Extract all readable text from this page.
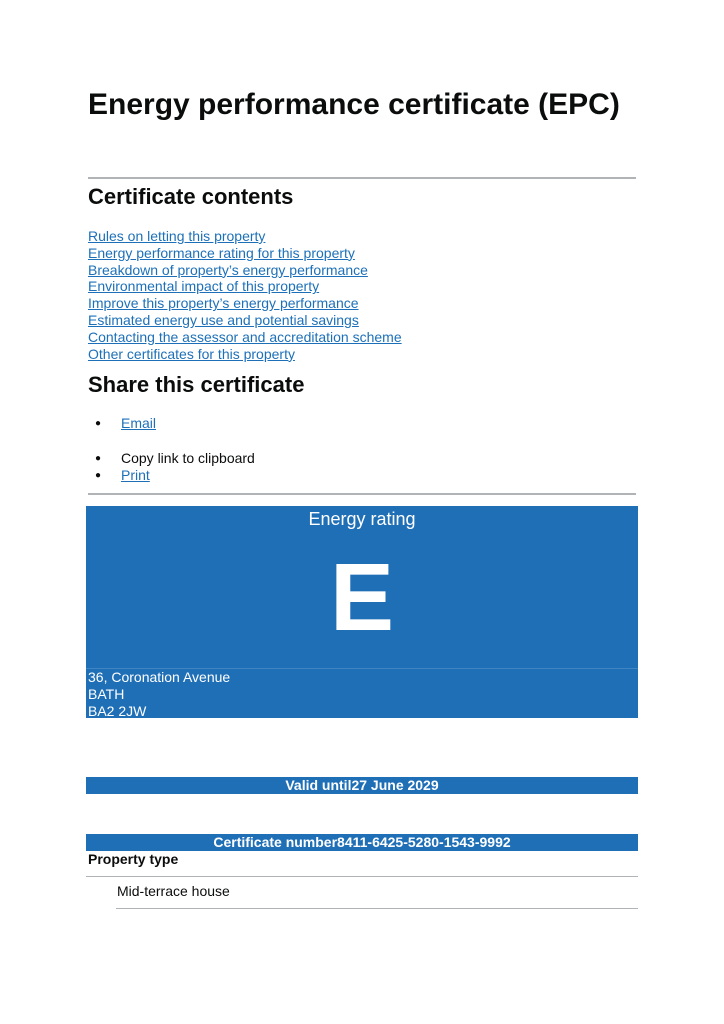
Energy performance certificate (EPC)
Certificate contents
Rules on letting this property
Energy performance rating for this property
Breakdown of property’s energy performance
Environmental impact of this property
Improve this property’s energy performance
Estimated energy use and potential savings
Contacting the assessor and accreditation scheme
Other certificates for this property
Share this certificate
● Email
● Copy link to clipboard
● Print
Energy rating
E
36, Coronation Avenue
BATH
BA2 2JW
Valid until27 June 2029
Certificate number8411-6425-5280-1543-9992
Property type
Mid-terrace house
